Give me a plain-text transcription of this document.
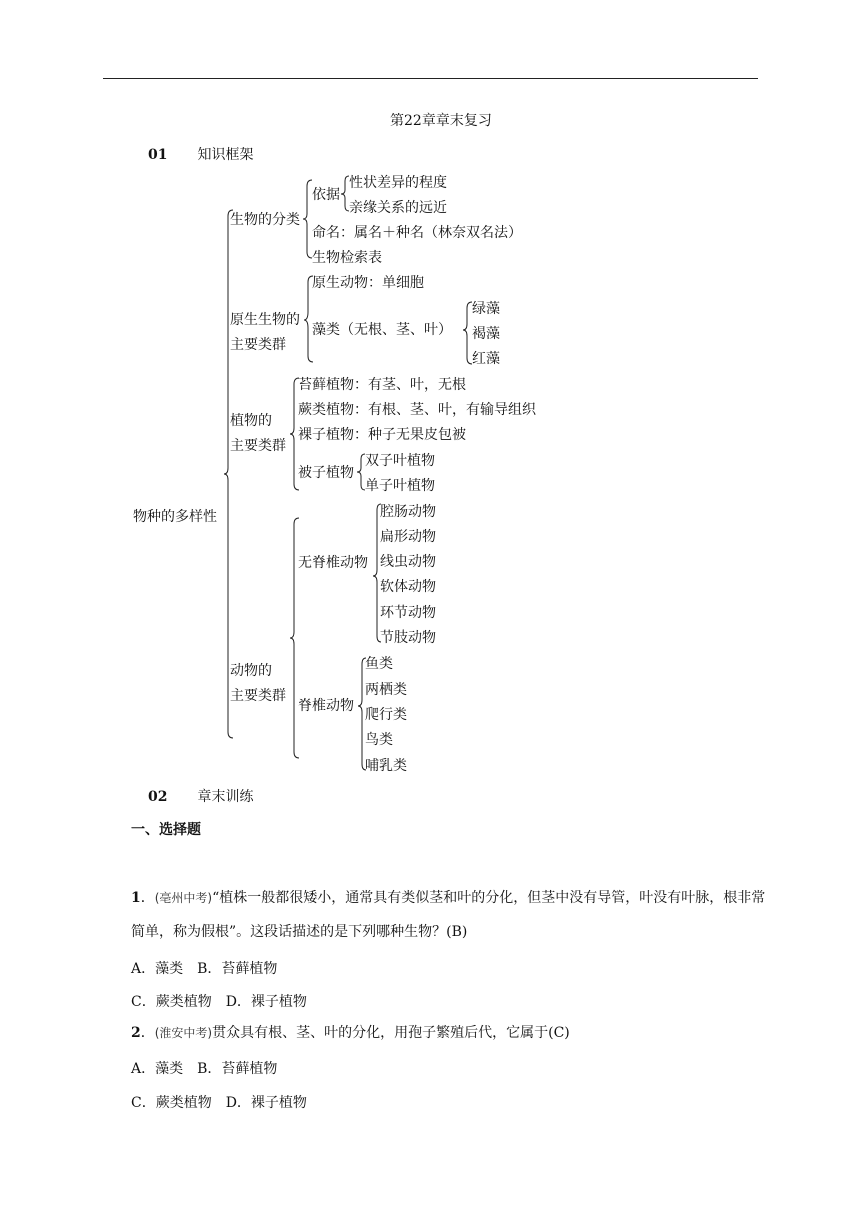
第22章章末复习
01 知识框架
物种的多样性
生物的分类
依据
性状差异的程度
亲缘关系的远近
命名：属名＋种名（林奈双名法）
生物检索表
原生生物的
主要类群
原生动物：单细胞
藻类（无根、茎、叶）
绿藻
褐藻
红藻
植物的
主要类群
苔藓植物：有茎、叶，无根
蕨类植物：有根、茎、叶，有输导组织
裸子植物：种子无果皮包被
被子植物
双子叶植物
单子叶植物
动物的
主要类群
无脊椎动物
腔肠动物
扁形动物
线虫动物
软体动物
环节动物
节肢动物
脊椎动物
鱼类
两栖类
爬行类
鸟类
哺乳类
02 章末训练
一、选择题
1．(亳州中考)“植株一般都很矮小，通常具有类似茎和叶的分化，但茎中没有导管，叶没有叶脉，根非常简单，称为假根”。这段话描述的是下列哪种生物？(B)
A．藻类　B．苔藓植物
C．蕨类植物　D．裸子植物
2．(淮安中考)贯众具有根、茎、叶的分化，用孢子繁殖后代，它属于(C)
A．藻类　B．苔藓植物
C．蕨类植物　D．裸子植物
